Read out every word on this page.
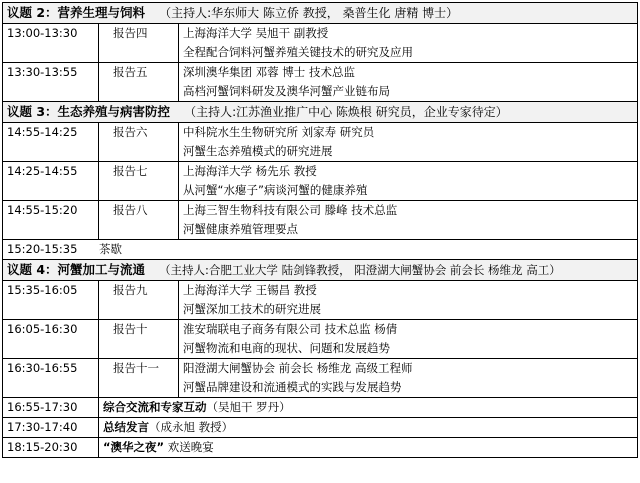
议题 2：营养生理与饲料 （主持人:华东师大 陈立侨 教授， 桑普生化 唐精 博士）		
13:00-13:30	报告四	上海海洋大学 吴旭干 副教授
全程配合饲料河蟹养殖关键技术的研究及应用

13:30-13:55	报告五	深圳澳华集团 邓蓉 博士 技术总监
高档河蟹饲料研发及澳华河蟹产业链布局

议题 3：生态养殖与病害防控 （主持人:江苏渔业推广中心 陈焕根 研究员，企业专家待定）		
14:55-14:25	报告六	中科院水生生物研究所 刘家寿 研究员
河蟹生态养殖模式的研究进展

14:25-14:55	报告七	上海海洋大学 杨先乐 教授
从河蟹“水瘪子”病谈河蟹的健康养殖

14:55-15:20	报告八	上海三智生物科技有限公司 滕峰 技术总监
河蟹健康养殖管理要点

15:20-15:35 茶歇		
议题 4：河蟹加工与流通 （主持人:合肥工业大学 陆剑锋教授， 阳澄湖大闸蟹协会 前会长 杨维龙 高工）		
15:35-16:05	报告九	上海海洋大学 王锡昌 教授
河蟹深加工技术的研究进展

16:05-16:30	报告十	淮安瑞联电子商务有限公司 技术总监 杨倩
河蟹物流和电商的现状、问题和发展趋势

16:30-16:55	报告十一	阳澄湖大闸蟹协会 前会长 杨维龙 高级工程师
河蟹品牌建设和流通模式的实践与发展趋势

16:55-17:30	综合交流和专家互动（吴旭干 罗丹）	
17:30-17:40	总结发言（成永旭 教授）	
18:15-20:30	“澳华之夜” 欢送晚宴	
